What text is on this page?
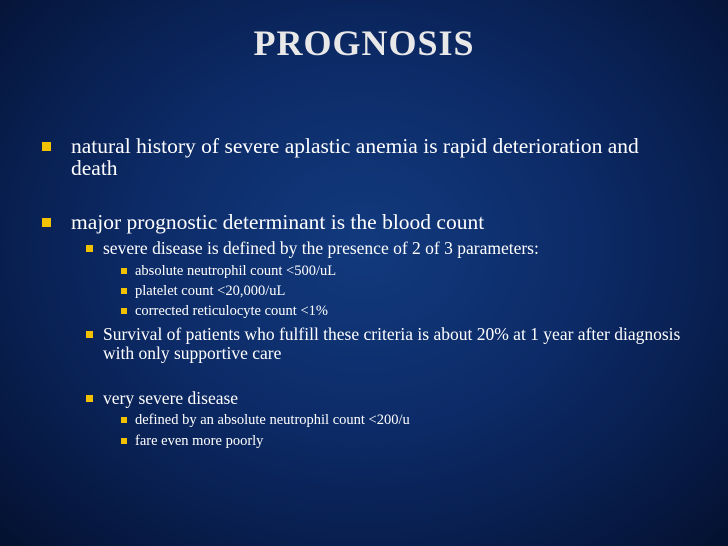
PROGNOSIS
natural history of severe aplastic anemia is rapid deterioration and death
major prognostic determinant is the blood count
severe disease is defined by the presence of 2 of 3 parameters:
absolute neutrophil count <500/uL
platelet count <20,000/uL
corrected reticulocyte count <1%
Survival of patients who fulfill these criteria is about 20% at 1 year after diagnosis with only supportive care
very severe disease
defined by an absolute neutrophil count <200/u
fare even more poorly
